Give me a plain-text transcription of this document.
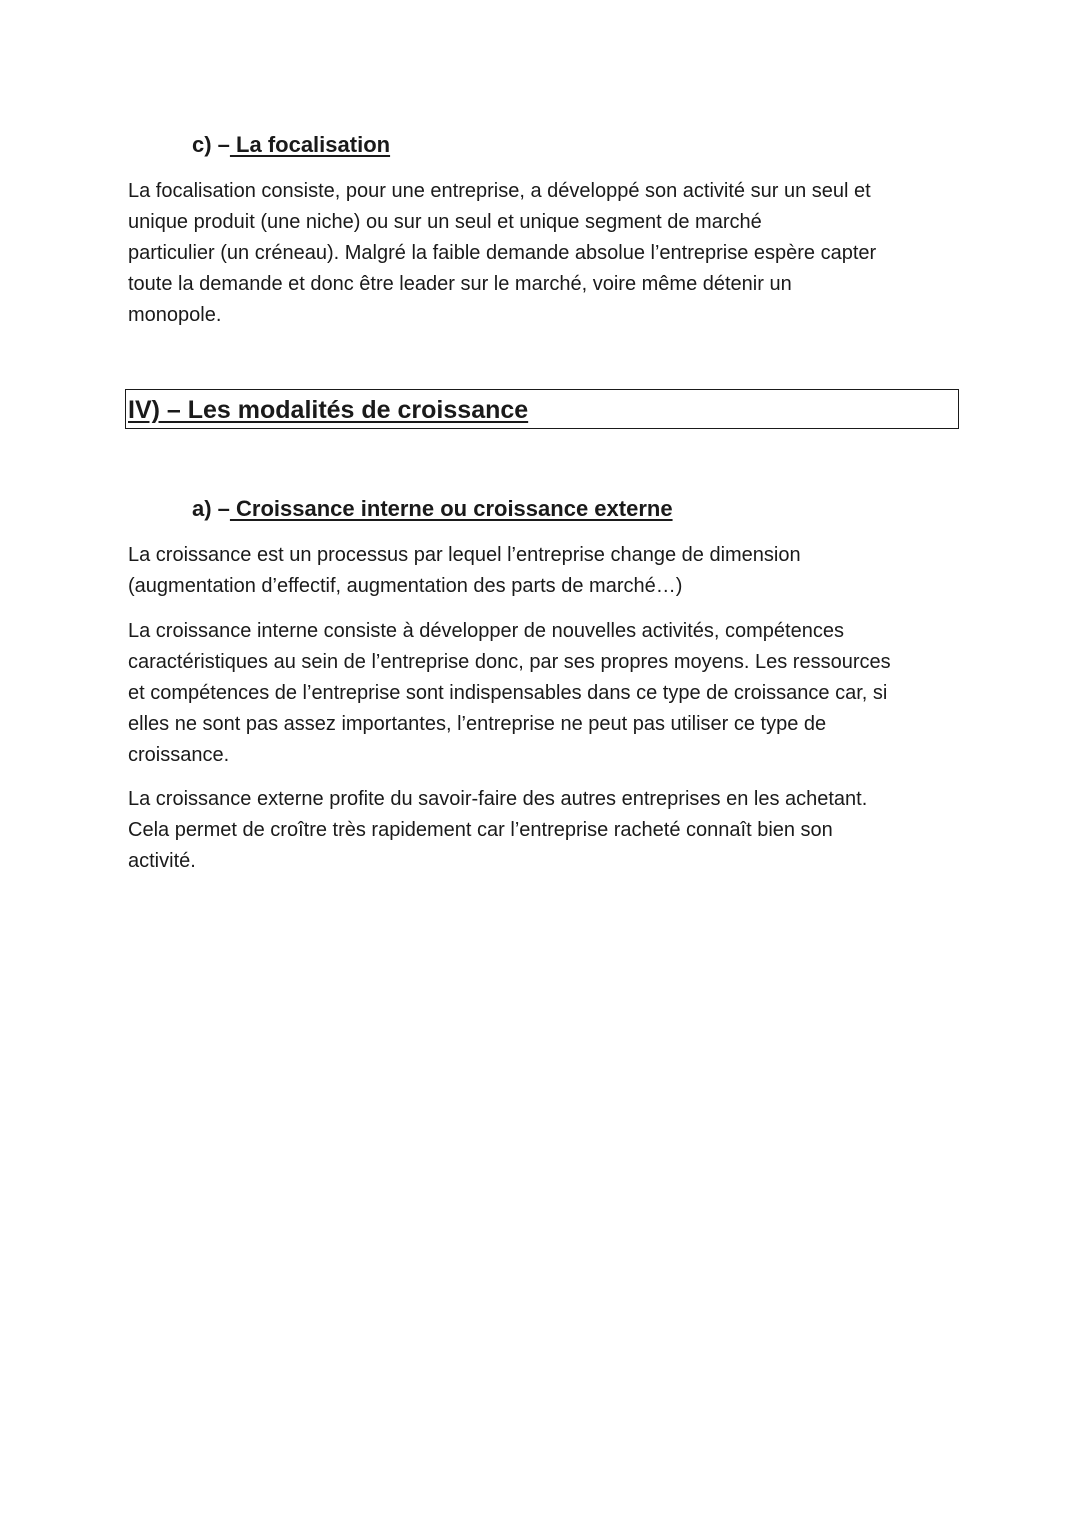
c) – La focalisation
La focalisation consiste, pour une entreprise, a développé son activité sur un seul et
unique produit (une niche) ou sur un seul et unique segment de marché
particulier (un créneau). Malgré la faible demande absolue l’entreprise espère capter
toute la demande et donc être leader sur le marché, voire même détenir un
monopole.
IV) – Les modalités de croissance
a) – Croissance interne ou croissance externe
La croissance est un processus par lequel l’entreprise change de dimension
(augmentation d’effectif, augmentation des parts de marché…)
La croissance interne consiste à développer de nouvelles activités, compétences
caractéristiques au sein de l’entreprise donc, par ses propres moyens. Les ressources
et compétences de l’entreprise sont indispensables dans ce type de croissance car, si
elles ne sont pas assez importantes, l’entreprise ne peut pas utiliser ce type de
croissance.
La croissance externe profite du savoir-faire des autres entreprises en les achetant.
Cela permet de croître très rapidement car l’entreprise racheté connaît bien son
activité.
